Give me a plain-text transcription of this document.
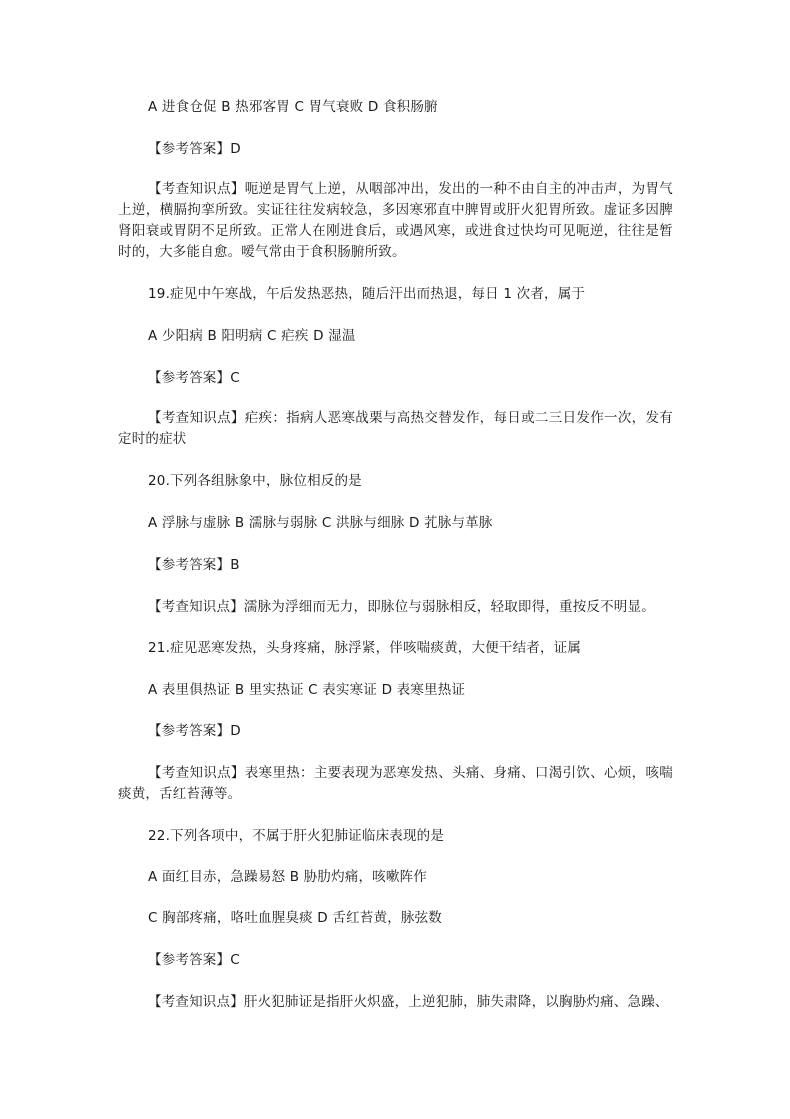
A 进食仓促 B 热邪客胃 C 胃气衰败 D 食积肠腑
【参考答案】D
【考查知识点】呃逆是胃气上逆，从咽部冲出，发出的一种不由自主的冲击声，为胃气上逆，横膈拘挛所致。实证往往发病较急，多因寒邪直中脾胃或肝火犯胃所致。虚证多因脾肾阳衰或胃阴不足所致。正常人在刚进食后，或遇风寒，或进食过快均可见呃逆，往往是暂时的，大多能自愈。嗳气常由于食积肠腑所致。
19.症见中午寒战，午后发热恶热，随后汗出而热退，每日 1 次者，属于
A 少阳病 B 阳明病 C 疟疾 D 湿温
【参考答案】C
【考查知识点】疟疾：指病人恶寒战栗与高热交替发作，每日或二三日发作一次，发有定时的症状
20.下列各组脉象中，脉位相反的是
A 浮脉与虚脉 B 濡脉与弱脉 C 洪脉与细脉 D 芤脉与革脉
【参考答案】B
【考查知识点】濡脉为浮细而无力，即脉位与弱脉相反，轻取即得，重按反不明显。
21.症见恶寒发热，头身疼痛，脉浮紧，伴咳喘痰黄，大便干结者，证属
A 表里俱热证 B 里实热证 C 表实寒证 D 表寒里热证
【参考答案】D
【考查知识点】表寒里热：主要表现为恶寒发热、头痛、身痛、口渴引饮、心烦，咳喘痰黄，舌红苔薄等。
22.下列各项中，不属于肝火犯肺证临床表现的是
A 面红目赤，急躁易怒 B 胁肋灼痛，咳嗽阵作
C 胸部疼痛，咯吐血腥臭痰 D 舌红苔黄，脉弦数
【参考答案】C
【考查知识点】肝火犯肺证是指肝火炽盛，上逆犯肺，肺失肃降，以胸胁灼痛、急躁、
